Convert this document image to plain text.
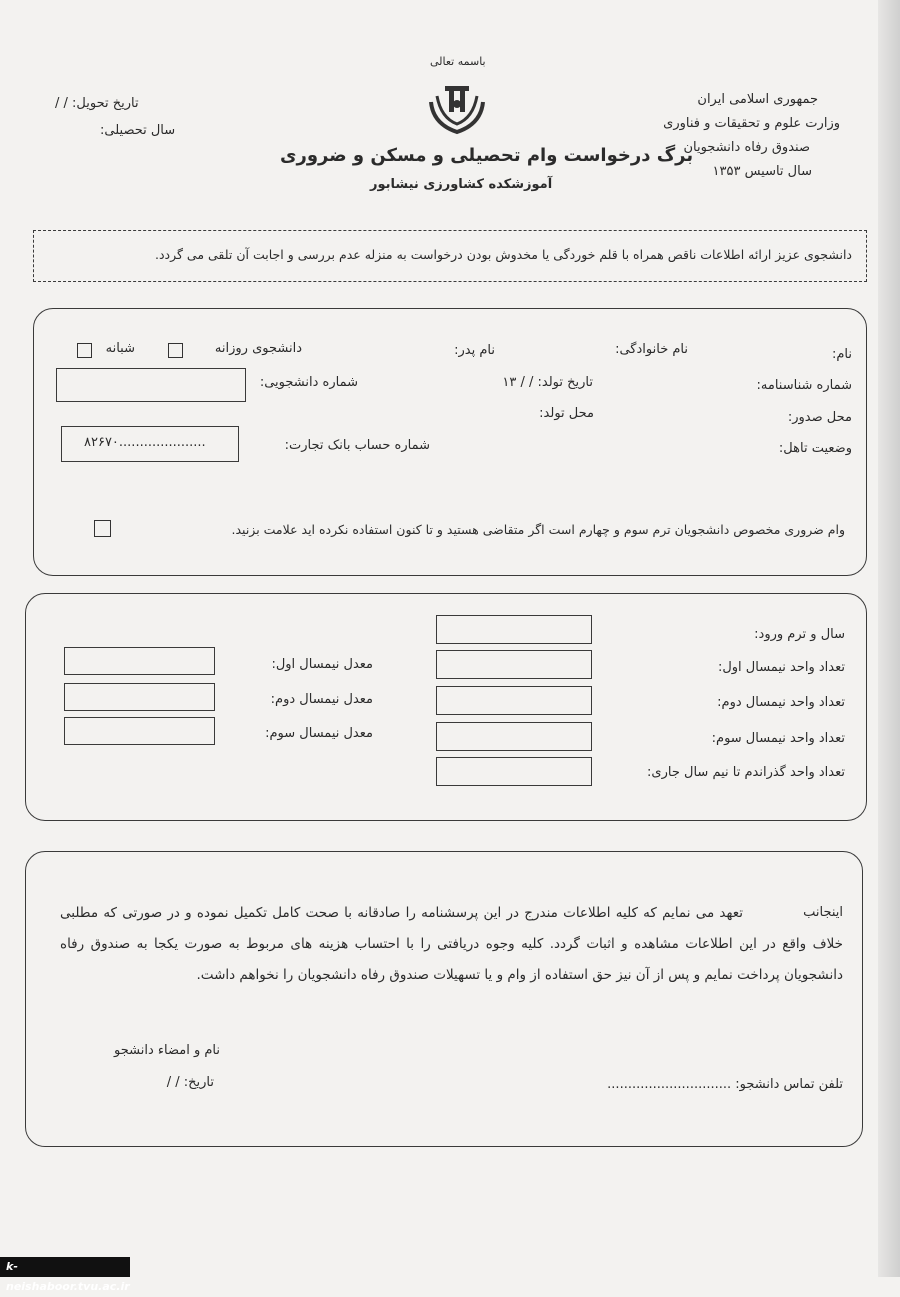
باسمه تعالی
جمهوری اسلامی ایران
وزارت علوم و تحقیقات و فناوری
صندوق رفاه دانشجویان
سال تاسیس ۱۳۵۳
برگ درخواست وام تحصیلی و مسکن و ضروری
آموزشکده کشاورزی نیشابور
تاریخ تحویل: / /
سال تحصیلی:
دانشجوی عزیز ارائه اطلاعات ناقص همراه با قلم خوردگی یا مخدوش بودن درخواست به منزله عدم بررسی و اجابت آن تلقی می گردد.
نام:
نام خانوادگی:
نام پدر:
دانشجوی روزانه
شبانه
شماره شناسنامه:
تاریخ تولد: / / ۱۳
شماره دانشجویی:
محل صدور:
محل تولد:
وضعیت تاهل:
شماره حساب بانک تجارت:
۸۲۶۷۰.....................
وام ضروری مخصوص دانشجویان ترم سوم و چهارم است اگر متقاضی هستید و تا کنون استفاده نکرده اید علامت بزنید.
سال و ترم ورود:
تعداد واحد نیمسال اول:
معدل نیمسال اول:
تعداد واحد نیمسال دوم:
معدل نیمسال دوم:
تعداد واحد نیمسال سوم:
معدل نیمسال سوم:
تعداد واحد گذراندم تا نیم سال جاری:
اینجانب
تعهد می نمایم که کلیه اطلاعات مندرج در این پرسشنامه را صادقانه با صحت کامل تکمیل نموده و در صورتی که مطلبی خلاف واقع در این اطلاعات مشاهده و اثبات گردد. کلیه وجوه دریافتی را با احتساب هزینه های مربوط به صورت یکجا به صندوق رفاه دانشجویان پرداخت نمایم و پس از آن نیز حق استفاده از وام و یا تسهیلات صندوق رفاه دانشجویان را نخواهم داشت.
نام و امضاء دانشجو
تلفن تماس دانشجو: ..............................
تاریخ: / /
k-neishaboor.tvu.ac.ir
